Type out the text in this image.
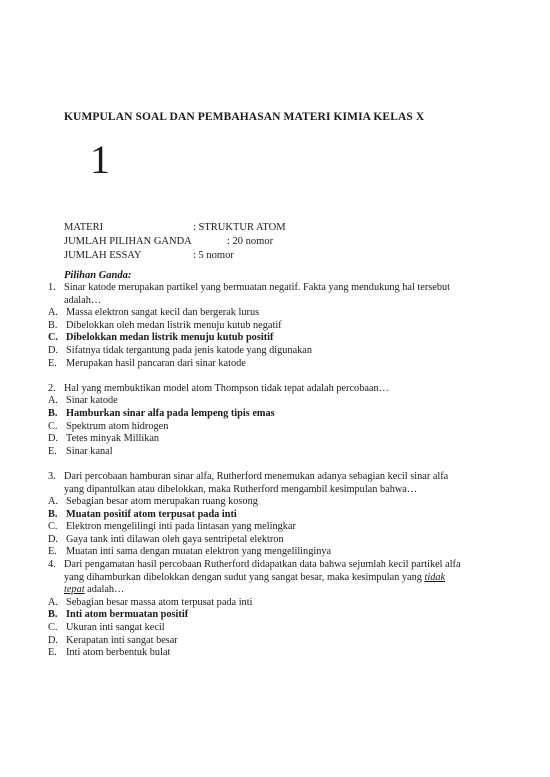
KUMPULAN SOAL DAN PEMBAHASAN MATERI KIMIA KELAS X
1
MATERI	: STRUKTUR ATOM
JUMLAH PILIHAN GANDA	: 20 nomor
JUMLAH ESSAY	: 5 nomor
Pilihan Ganda:
1. Sinar katode merupakan partikel yang bermuatan negatif. Fakta yang mendukung hal tersebut
adalah…
A. Massa elektron sangat kecil dan bergerak lurus
B. Dibelokkan oleh medan listrik menuju kutub negatif
C. Dibelokkan medan listrik menuju kutub positif
D. Sifatnya tidak tergantung pada jenis katode yang digunakan
E. Merupakan hasil pancaran dari sinar katode
2. Hal yang membuktikan model atom Thompson tidak tepat adalah percobaan…
A. Sinar katode
B. Hamburkan sinar alfa pada lempeng tipis emas
C. Spektrum atom hidrogen
D. Tetes minyak Millikan
E. Sinar kanal
3. Dari percobaan hamburan sinar alfa, Rutherford menemukan adanya sebagian kecil sinar alfa
yang dipantulkan atau dibelokkan, maka Rutherford mengambil kesimpulan bahwa…
A. Sebagian besar atom merupakan ruang kosong
B. Muatan positif atom terpusat pada inti
C. Elektron mengelilingi inti pada lintasan yang melingkar
D. Gaya tank inti dilawan oleh gaya sentripetal elektron
E. Muatan inti sama dengan muatan elektron yang mengelilinginya
4. Dari pengamatan hasil percobaan Rutherford didapatkan data bahwa sejumlah kecil partikel alfa
yang dihamburkan dibelokkan dengan sudut yang sangat besar, maka kesimpulan yang tidak
tepat adalah…
A. Sebagian besar massa atom terpusat pada inti
B. Inti atom bermuatan positif
C. Ukuran inti sangat kecil
D. Kerapatan inti sangat besar
E. Inti atom berbentuk bulat
